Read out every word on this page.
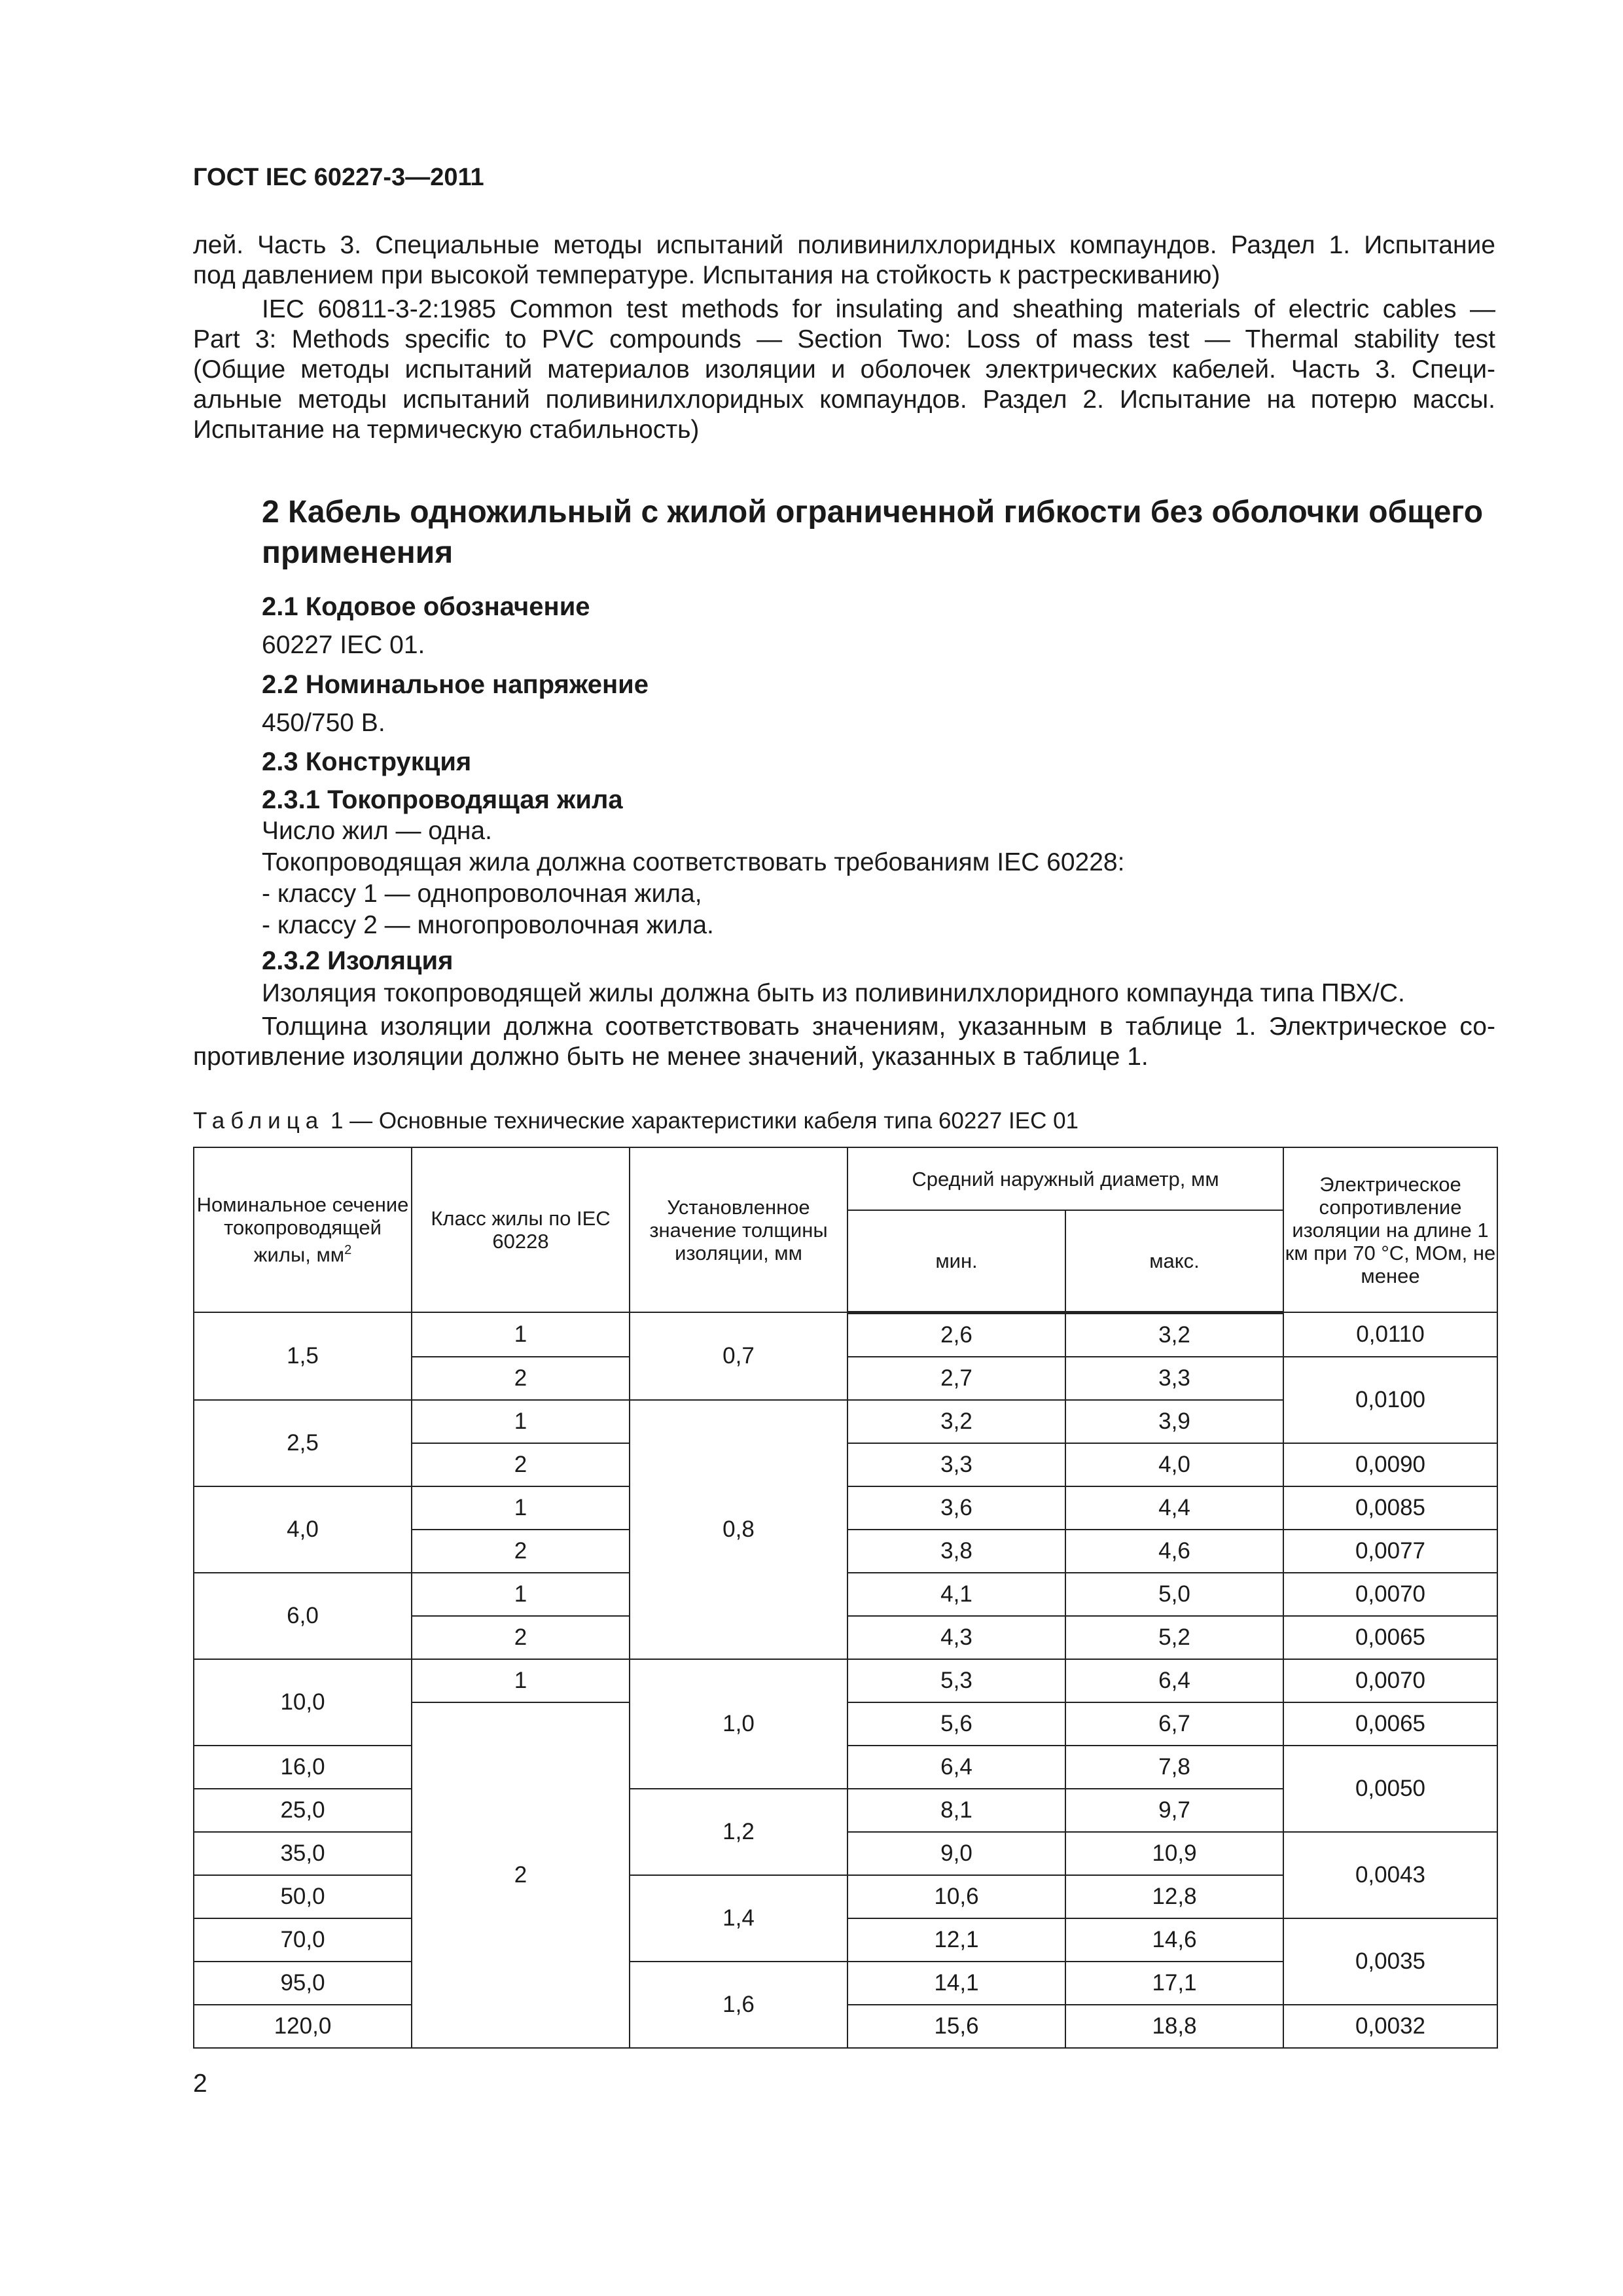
ГОСТ IEC 60227-3—2011
лей. Часть 3. Специальные методы испытаний поливинилхлоридных компаундов. Раздел 1. Испытание
под давлением при высокой температуре. Испытания на стойкость к растрескиванию)
IEC 60811-3-2:1985 Common test methods for insulating and sheathing materials of electric cables —
Part 3: Methods specific to PVC compounds — Section Two: Loss of mass test — Thermal stability test
(Общие методы испытаний материалов изоляции и оболочек электрических кабелей. Часть 3. Специ-
альные методы испытаний поливинилхлоридных компаундов. Раздел 2. Испытание на потерю массы.
Испытание на термическую стабильность)
2 Кабель одножильный с жилой ограниченной гибкости без оболочки общего применения
2.1 Кодовое обозначение
60227 IEC 01.
2.2 Номинальное напряжение
450/750 В.
2.3 Конструкция
2.3.1 Токопроводящая жила
Число жил — одна.
Токопроводящая жила должна соответствовать требованиям IEC 60228:
- классу 1 — однопроволочная жила,
- классу 2 — многопроволочная жила.
2.3.2 Изоляция
Изоляция токопроводящей жилы должна быть из поливинилхлоридного компаунда типа ПВХ/С.
Толщина изоляции должна соответствовать значениям, указанным в таблице 1. Электрическое со-
противление изоляции должно быть не менее значений, указанных в таблице 1.
Таблица 1 — Основные технические характеристики кабеля типа 60227 IEC 01
Номинальное сечение токопроводящей жилы, $мм^2$	Класс жилы по IEC 60228	Установленное значение толщины изоляции, мм	Средний наружный диаметр, мм		Электрическое сопротивление изоляции на длине 1 км при 70 °С, МОм, не менее
			мин.	макс.	
1,5	1	0,7	2,6	3,2	0,0110
	2		2,7	3,3	0,0100
2,5	1	0,8	3,2	3,9	
	2		3,3	4,0	0,0090
4,0	1		3,6	4,4	0,0085
	2		3,8	4,6	0,0077
6,0	1		4,1	5,0	0,0070
	2		4,3	5,2	0,0065
10,0	1	1,0	5,3	6,4	0,0070
	2		5,6	6,7	0,0065
16,0			6,4	7,8	0,0050
25,0		1,2	8,1	9,7	
35,0			9,0	10,9	0,0043
50,0		1,4	10,6	12,8	
70,0			12,1	14,6	0,0035
95,0		1,6	14,1	17,1	
120,0			15,6	18,8	0,0032
2
